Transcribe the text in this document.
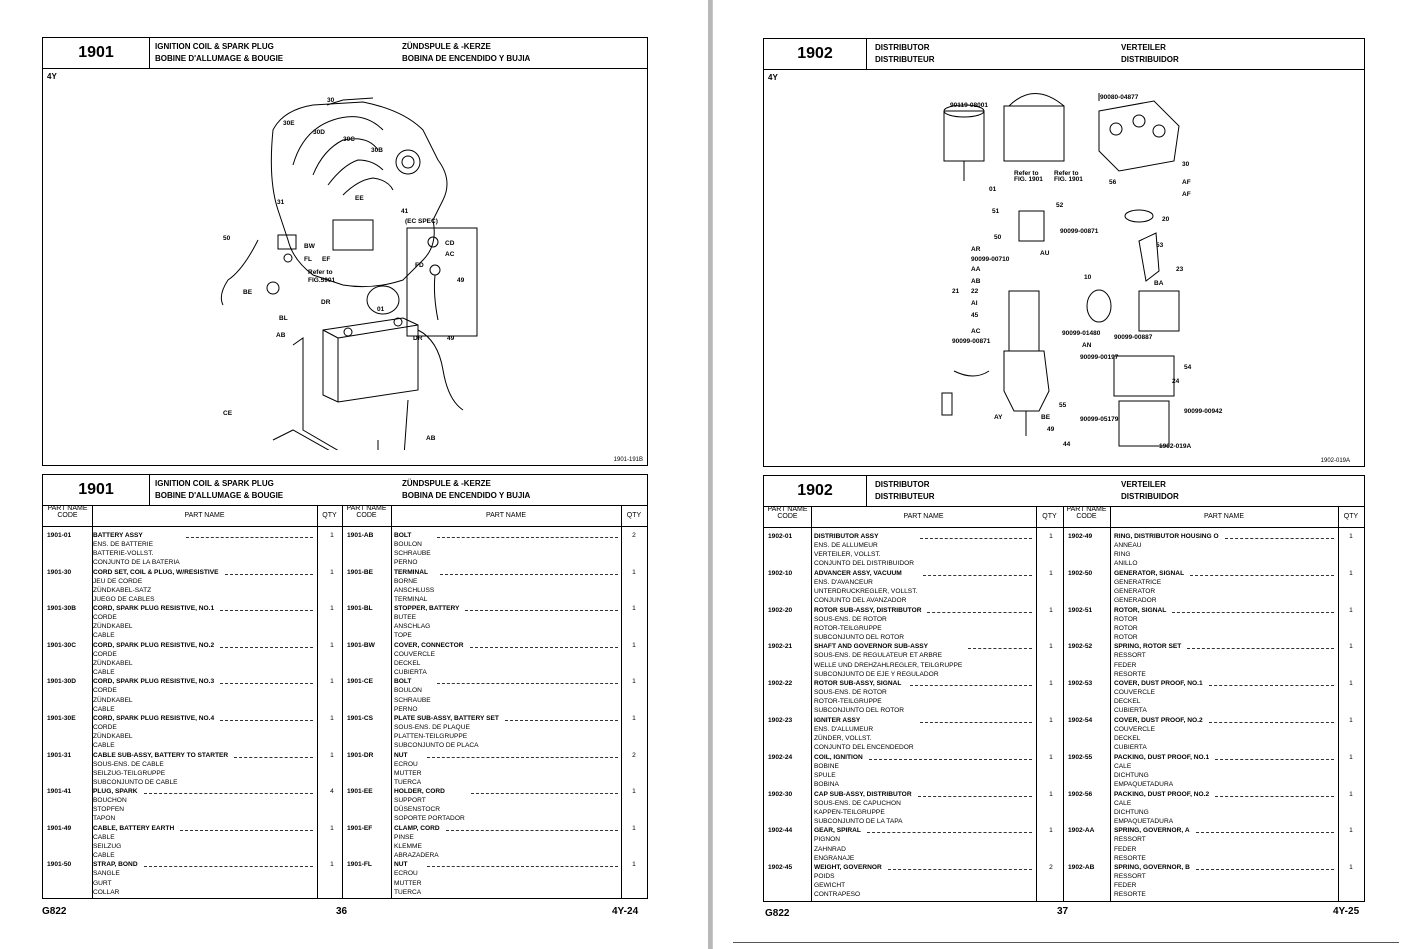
1901	IGNITION COIL & SPARK PLUG
BOBINE D'ALLUMAGE & BOUGIE
ZÜNDSPULE & -KERZE
BOBINA DE ENCENDIDO Y BUJIA
4Y
30
30E
30D
30C
30B
41
EE
31
50
BW
FL EF
(EC SPEC)
CD
AC
FD
49
Refer to
FIG.5901
BE
DR
01
BL
AB	DR	49
CE
AB
1901-191B
1901	IGNITION COIL & SPARK PLUG
BOBINE D'ALLUMAGE & BOUGIE
ZÜNDSPULE & -KERZE
BOBINA DE ENCENDIDO Y BUJIA
PART NAME
CODE	PART NAME	QTY
PART NAME
CODE	PART NAME	QTY
1901-01	BATTERY ASSY
ENS. DE BATTERIE
BATTERIE-VOLLST.
CONJUNTO DE LA BATERIA
1
1901-30	CORD SET, COIL & PLUG, W/RESISTIVE
JEU DE CORDE
ZÜNDKABEL-SATZ
JUEGO DE CABLES
1
1901-30B	CORD, SPARK PLUG RESISTIVE, NO.1
CORDE
ZÜNDKABEL
CABLE
1
1901-30C	CORD, SPARK PLUG RESISTIVE, NO.2
CORDE
ZÜNDKABEL
CABLE
1
1901-30D	CORD, SPARK PLUG RESISTIVE, NO.3
CORDE
ZÜNDKABEL
CABLE
1
1901-30E	CORD, SPARK PLUG RESISTIVE, NO.4
CORDE
ZÜNDKABEL
CABLE
1
1901-31	CABLE SUB-ASSY, BATTERY TO STARTER
SOUS-ENS. DE CABLE
SEILZUG-TEILGRUPPE
SUBCONJUNTO DE CABLE
1
1901-41	PLUG, SPARK
BOUCHON
STOPFEN
TAPON
4
1901-49	CABLE, BATTERY EARTH
CABLE
SEILZUG
CABLE
1
1901-50	STRAP, BOND
SANGLE
GURT
COLLAR
1
1901-AB	BOLT
BOULON
SCHRAUBE
PERNO
2
1901-BE	TERMINAL
BORNE
ANSCHLUSS
TERMINAL
1
1901-BL	STOPPER, BATTERY
BUTEE
ANSCHLAG
TOPE
1
1901-BW	COVER, CONNECTOR
COUVERCLE
DECKEL
CUBIERTA
1
1901-CE	BOLT
BOULON
SCHRAUBE
PERNO
1
1901-CS	PLATE SUB-ASSY, BATTERY SET
SOUS-ENS. DE PLAQUE
PLATTEN-TEILGRUPPE
SUBCONJUNTO DE PLACA
1
1901-DR	NUT
ECROU
MUTTER
TUERCA
2
1901-EE	HOLDER, CORD
SUPPORT
DÜSENSTOCR
SOPORTE PORTADOR
1
1901-EF	CLAMP, CORD
PINSE
KLEMME
ABRAZADERA
1
1901-FL	NUT
ECROU
MUTTER
TUERCA
1
G822	36	4Y-24
1902	DISTRIBUTOR
DISTRIBUTEUR
VERTEILER
DISTRIBUIDOR
4Y
90119-08001
Refer to
FIG. 1901
Refer to
FIG. 1901
01
90080-04877
30
56	AF
AF
20
51
52
50
90099-00871
53
AR
90099-00710
AU
23
AA
10
BA
AB
21 22
AI
45
90099-01480
AC
90099-00871
90099-00887
AN
90099-00197
54
24
AY	BE
55
90099-00942
49
90099-05179
44	1902-019A
1902-019A
1902	DISTRIBUTOR
DISTRIBUTEUR
VERTEILER
DISTRIBUIDOR
PART NAME
CODE	PART NAME	QTY
PART NAME
CODE	PART NAME	QTY
1902-01	DISTRIBUTOR ASSY
ENS. DE ALLUMEUR
VERTEILER, VOLLST.
CONJUNTO DEL DISTRIBUIDOR
1
1902-10	ADVANCER ASSY, VACUUM
ENS. D'AVANCEUR
UNTERDRUCKREGLER, VOLLST.
CONJUNTO DEL AVANZADOR
1
1902-20	ROTOR SUB-ASSY, DISTRIBUTOR
SOUS-ENS. DE ROTOR
ROTOR-TEILGRUPPE
SUBCONJUNTO DEL ROTOR
1
1902-21	SHAFT AND GOVERNOR SUB-ASSY
SOUS-ENS. DE REGULATEUR ET ARBRE
WELLE UND DREHZAHLREGLER, TEILGRUPPE
SUBCONJUNTO DE EJE Y REGULADOR
1
1902-22	ROTOR SUB-ASSY, SIGNAL
SOUS-ENS. DE ROTOR
ROTOR-TEILGRUPPE
SUBCONJUNTO DEL ROTOR
1
1902-23	IGNITER ASSY
ENS. D'ALLUMEUR
ZÜNDER, VOLLST.
CONJUNTO DEL ENCENDEDOR
1
1902-24	COIL, IGNITION
BOBINE
SPULE
BOBINA
1
1902-30	CAP SUB-ASSY, DISTRIBUTOR
SOUS-ENS. DE CAPUCHON
KAPPEN-TEILGRUPPE
SUBCONJUNTO DE LA TAPA
1
1902-44	GEAR, SPIRAL
PIGNON
ZAHNRAD
ENGRANAJE
1
1902-45	WEIGHT, GOVERNOR
POIDS
GEWICHT
CONTRAPESO
2
1902-49	RING, DISTRIBUTOR HOUSING O
ANNEAU
RING
ANILLO
1
1902-50	GENERATOR, SIGNAL
GENERATRICE
GENERATOR
GENERADOR
1
1902-51	ROTOR, SIGNAL
ROTOR
ROTOR
ROTOR
1
1902-52	SPRING, ROTOR SET
RESSORT
FEDER
RESORTE
1
1902-53	COVER, DUST PROOF, NO.1
COUVERCLE
DECKEL
CUBIERTA
1
1902-54	COVER, DUST PROOF, NO.2
COUVERCLE
DECKEL
CUBIERTA
1
1902-55	PACKING, DUST PROOF, NO.1
CALE
DICHTUNG
EMPAQUETADURA
1
1902-56	PACKING, DUST PROOF, NO.2
CALE
DICHTUNG
EMPAQUETADURA
1
1902-AA	SPRING, GOVERNOR, A
RESSORT
FEDER
RESORTE
1
1902-AB	SPRING, GOVERNOR, B
RESSORT
FEDER
RESORTE
1
G822	37	4Y-25
